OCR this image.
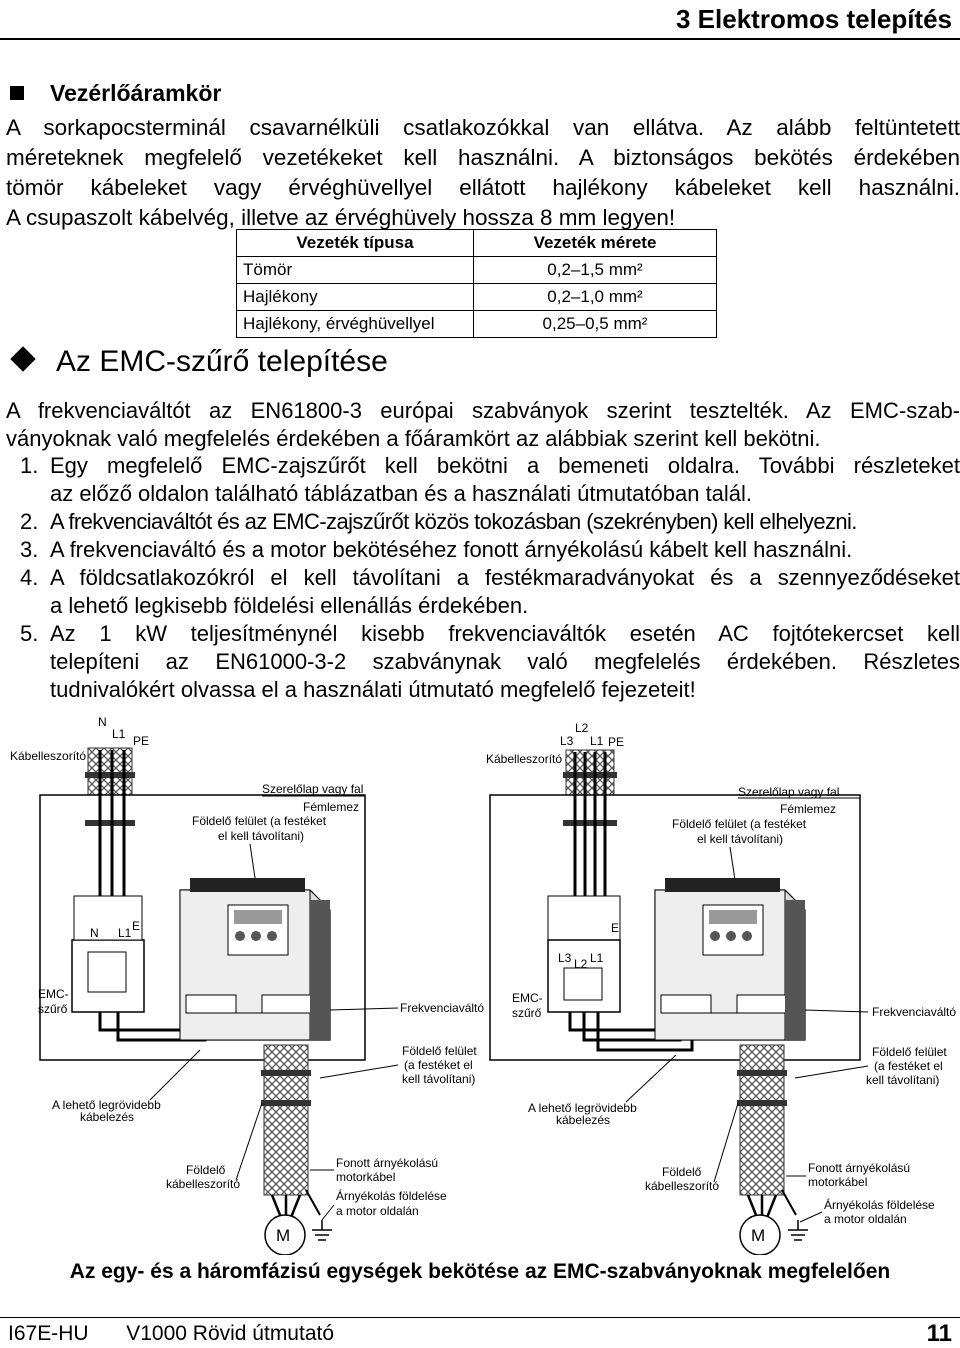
3 Elektromos telepítés
Vezérlőáramkör

A sorkapocsterminál csavarnélküli csatlakozókkal van ellátva. Az alább feltüntetett

méreteknek megfelelő vezetékeket kell használni. A biztonságos bekötés érdekében

tömör kábeleket vagy érvéghüvellyel ellátott hajlékony kábeleket kell használni.

A csupaszolt kábelvég, illetve az érvéghüvely hossza 8 mm legyen!

Vezeték típusa	Vezeték mérete
Tömör	0,2–1,5 mm²
Hajlékony	0,2–1,0 mm²
Hajlékony, érvéghüvellyel	0,25–0,5 mm²
Az EMC-szűrő telepítése

A frekvenciaváltót az EN61800-3 európai szabványok szerint tesztelték. Az EMC-szab-

ványoknak való megfelelés érdekében a főáramkört az alábbiak szerint kell bekötni.

1. Egy megfelelő EMC-zajszűrőt kell bekötni a bemeneti oldalra. További részleteket
az előző oldalon található táblázatban és a használati útmutatóban talál.
2. A frekvenciaváltót és az EMC-zajszűrőt közös tokozásban (szekrényben) kell elhelyezni.
3. A frekvenciaváltó és a motor bekötéséhez fonott árnyékolású kábelt kell használni.
4. A földcsatlakozókról el kell távolítani a festékmaradványokat és a szennyeződéseket
a lehető legkisebb földelési ellenállás érdekében.
5. Az 1 kW teljesítménynél kisebb frekvenciaváltók esetén AC fojtótekercset kell
telepíteni az EN61000-3-2 szabványnak való megfelelés érdekében. Részletes
tudnivalókért olvassa el a használati útmutató megfelelő fejezeteit!
N
L1 PE
Kábelleszorító
Szerelőlap vagy fal
Fémlemez
Földelő felület (a festéket
el kell távolítani)
N L1 E
EMC-
szűrő	Frekvenciaváltó
Földelő felület
(a festéket el
kell távolítani)
A lehető legrövidebb
kábelezés
Földelő
kábelleszorító
Fonott árnyékolású
motorkábel
Árnyékolás földelése
a motor oldalán
M
L2
L3 L1 PE
Kábelleszorító
Szerelőlap vagy fal
Fémlemez
Földelő felület (a festéket
el kell távolítani)
E
L3 L2 L1
EMC-
szűrő	Frekvenciaváltó
Földelő felület
(a festéket el
kell távolítani)
A lehető legrövidebb
kábelezés
Földelő
kábelleszorító
Fonott árnyékolású
motorkábel
Árnyékolás földelése
a motor oldalán
M
Az egy- és a háromfázisú egységek bekötése az EMC-szabványoknak megfelelően
I67E-HU V1000 Rövid útmutató	11
